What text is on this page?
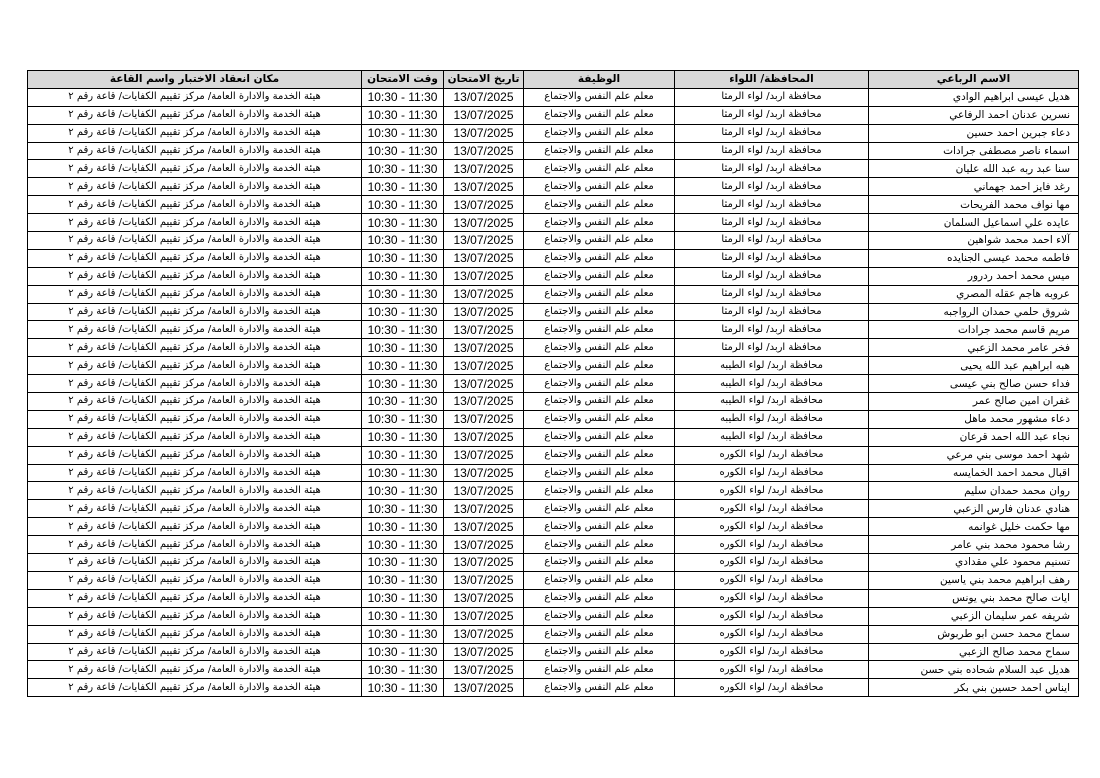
الاسم الرباعي	المحافظة/ اللواء	الوظيفة	تاريخ الامتحان	وقت الامتحان	مكان انعقاد الاختبار واسم القاعة
هديل عيسى ابراهيم الوادي	محافظة اربد/ لواء الرمثا	معلم علم النفس والاجتماع	13/07/2025	10:30 - 11:30	هيئة الخدمة والادارة العامة/ مركز تقييم الكفايات/ قاعة رقم ٢
نسرين عدنان احمد الرفاعي	محافظة اربد/ لواء الرمثا	معلم علم النفس والاجتماع	13/07/2025	10:30 - 11:30	هيئة الخدمة والادارة العامة/ مركز تقييم الكفايات/ قاعة رقم ٢
دعاء جبرين احمد حسين	محافظة اربد/ لواء الرمثا	معلم علم النفس والاجتماع	13/07/2025	10:30 - 11:30	هيئة الخدمة والادارة العامة/ مركز تقييم الكفايات/ قاعة رقم ٢
اسماء ناصر مصطفى جرادات	محافظة اربد/ لواء الرمثا	معلم علم النفس والاجتماع	13/07/2025	10:30 - 11:30	هيئة الخدمة والادارة العامة/ مركز تقييم الكفايات/ قاعة رقم ٢
سنا عبد ربه عبد الله عليان	محافظة اربد/ لواء الرمثا	معلم علم النفس والاجتماع	13/07/2025	10:30 - 11:30	هيئة الخدمة والادارة العامة/ مركز تقييم الكفايات/ قاعة رقم ٢
رغد فايز احمد جهماني	محافظة اربد/ لواء الرمثا	معلم علم النفس والاجتماع	13/07/2025	10:30 - 11:30	هيئة الخدمة والادارة العامة/ مركز تقييم الكفايات/ قاعة رقم ٢
مها نواف محمد الفريحات	محافظة اربد/ لواء الرمثا	معلم علم النفس والاجتماع	13/07/2025	10:30 - 11:30	هيئة الخدمة والادارة العامة/ مركز تقييم الكفايات/ قاعة رقم ٢
عايده علي اسماعيل السلمان	محافظة اربد/ لواء الرمثا	معلم علم النفس والاجتماع	13/07/2025	10:30 - 11:30	هيئة الخدمة والادارة العامة/ مركز تقييم الكفايات/ قاعة رقم ٢
آلاء احمد محمد شواهين	محافظة اربد/ لواء الرمثا	معلم علم النفس والاجتماع	13/07/2025	10:30 - 11:30	هيئة الخدمة والادارة العامة/ مركز تقييم الكفايات/ قاعة رقم ٢
فاطمه محمد عيسى الجنايده	محافظة اربد/ لواء الرمثا	معلم علم النفس والاجتماع	13/07/2025	10:30 - 11:30	هيئة الخدمة والادارة العامة/ مركز تقييم الكفايات/ قاعة رقم ٢
ميس محمد احمد ردرور	محافظة اربد/ لواء الرمثا	معلم علم النفس والاجتماع	13/07/2025	10:30 - 11:30	هيئة الخدمة والادارة العامة/ مركز تقييم الكفايات/ قاعة رقم ٢
عروبه هاجم عقله المصري	محافظة اربد/ لواء الرمثا	معلم علم النفس والاجتماع	13/07/2025	10:30 - 11:30	هيئة الخدمة والادارة العامة/ مركز تقييم الكفايات/ قاعة رقم ٢
شروق حلمي حمدان الرواجبه	محافظة اربد/ لواء الرمثا	معلم علم النفس والاجتماع	13/07/2025	10:30 - 11:30	هيئة الخدمة والادارة العامة/ مركز تقييم الكفايات/ قاعة رقم ٢
مريم قاسم محمد جرادات	محافظة اربد/ لواء الرمثا	معلم علم النفس والاجتماع	13/07/2025	10:30 - 11:30	هيئة الخدمة والادارة العامة/ مركز تقييم الكفايات/ قاعة رقم ٢
فخر عامر محمد الزعبي	محافظة اربد/ لواء الرمثا	معلم علم النفس والاجتماع	13/07/2025	10:30 - 11:30	هيئة الخدمة والادارة العامة/ مركز تقييم الكفايات/ قاعة رقم ٢
هبه ابراهيم عبد الله يحيى	محافظة اربد/ لواء الطيبه	معلم علم النفس والاجتماع	13/07/2025	10:30 - 11:30	هيئة الخدمة والادارة العامة/ مركز تقييم الكفايات/ قاعة رقم ٢
فداء حسن صالح بني عيسى	محافظة اربد/ لواء الطيبه	معلم علم النفس والاجتماع	13/07/2025	10:30 - 11:30	هيئة الخدمة والادارة العامة/ مركز تقييم الكفايات/ قاعة رقم ٢
غفران امين صالح عمر	محافظة اربد/ لواء الطيبه	معلم علم النفس والاجتماع	13/07/2025	10:30 - 11:30	هيئة الخدمة والادارة العامة/ مركز تقييم الكفايات/ قاعة رقم ٢
دعاء مشهور محمد ماهل	محافظة اربد/ لواء الطيبه	معلم علم النفس والاجتماع	13/07/2025	10:30 - 11:30	هيئة الخدمة والادارة العامة/ مركز تقييم الكفايات/ قاعة رقم ٢
نجاء عبد الله احمد قرعان	محافظة اربد/ لواء الطيبه	معلم علم النفس والاجتماع	13/07/2025	10:30 - 11:30	هيئة الخدمة والادارة العامة/ مركز تقييم الكفايات/ قاعة رقم ٢
شهد احمد موسى بني مرعي	محافظة اربد/ لواء الكوره	معلم علم النفس والاجتماع	13/07/2025	10:30 - 11:30	هيئة الخدمة والادارة العامة/ مركز تقييم الكفايات/ قاعة رقم ٢
اقبال محمد احمد الخمايسه	محافظة اربد/ لواء الكوره	معلم علم النفس والاجتماع	13/07/2025	10:30 - 11:30	هيئة الخدمة والادارة العامة/ مركز تقييم الكفايات/ قاعة رقم ٢
روان محمد حمدان سليم	محافظة اربد/ لواء الكوره	معلم علم النفس والاجتماع	13/07/2025	10:30 - 11:30	هيئة الخدمة والادارة العامة/ مركز تقييم الكفايات/ قاعة رقم ٢
هنادي عدنان فارس الزعبي	محافظة اربد/ لواء الكوره	معلم علم النفس والاجتماع	13/07/2025	10:30 - 11:30	هيئة الخدمة والادارة العامة/ مركز تقييم الكفايات/ قاعة رقم ٢
مها حكمت خليل غوانمه	محافظة اربد/ لواء الكوره	معلم علم النفس والاجتماع	13/07/2025	10:30 - 11:30	هيئة الخدمة والادارة العامة/ مركز تقييم الكفايات/ قاعة رقم ٢
رشا محمود محمد بني عامر	محافظة اربد/ لواء الكوره	معلم علم النفس والاجتماع	13/07/2025	10:30 - 11:30	هيئة الخدمة والادارة العامة/ مركز تقييم الكفايات/ قاعة رقم ٢
تسنيم محمود علي مقدادي	محافظة اربد/ لواء الكوره	معلم علم النفس والاجتماع	13/07/2025	10:30 - 11:30	هيئة الخدمة والادارة العامة/ مركز تقييم الكفايات/ قاعة رقم ٢
رهف ابراهيم محمد بني ياسين	محافظة اربد/ لواء الكوره	معلم علم النفس والاجتماع	13/07/2025	10:30 - 11:30	هيئة الخدمة والادارة العامة/ مركز تقييم الكفايات/ قاعة رقم ٢
ايات صالح محمد بني يونس	محافظة اربد/ لواء الكوره	معلم علم النفس والاجتماع	13/07/2025	10:30 - 11:30	هيئة الخدمة والادارة العامة/ مركز تقييم الكفايات/ قاعة رقم ٢
شريفه عمر سليمان الزعبي	محافظة اربد/ لواء الكوره	معلم علم النفس والاجتماع	13/07/2025	10:30 - 11:30	هيئة الخدمة والادارة العامة/ مركز تقييم الكفايات/ قاعة رقم ٢
سماح محمد حسن ابو طربوش	محافظة اربد/ لواء الكوره	معلم علم النفس والاجتماع	13/07/2025	10:30 - 11:30	هيئة الخدمة والادارة العامة/ مركز تقييم الكفايات/ قاعة رقم ٢
سماح محمد صالح الزعبي	محافظة اربد/ لواء الكوره	معلم علم النفس والاجتماع	13/07/2025	10:30 - 11:30	هيئة الخدمة والادارة العامة/ مركز تقييم الكفايات/ قاعة رقم ٢
هديل عبد السلام شحاده بني حسن	محافظة اربد/ لواء الكوره	معلم علم النفس والاجتماع	13/07/2025	10:30 - 11:30	هيئة الخدمة والادارة العامة/ مركز تقييم الكفايات/ قاعة رقم ٢
ايناس احمد حسين بني بكر	محافظة اربد/ لواء الكوره	معلم علم النفس والاجتماع	13/07/2025	10:30 - 11:30	هيئة الخدمة والادارة العامة/ مركز تقييم الكفايات/ قاعة رقم ٢
